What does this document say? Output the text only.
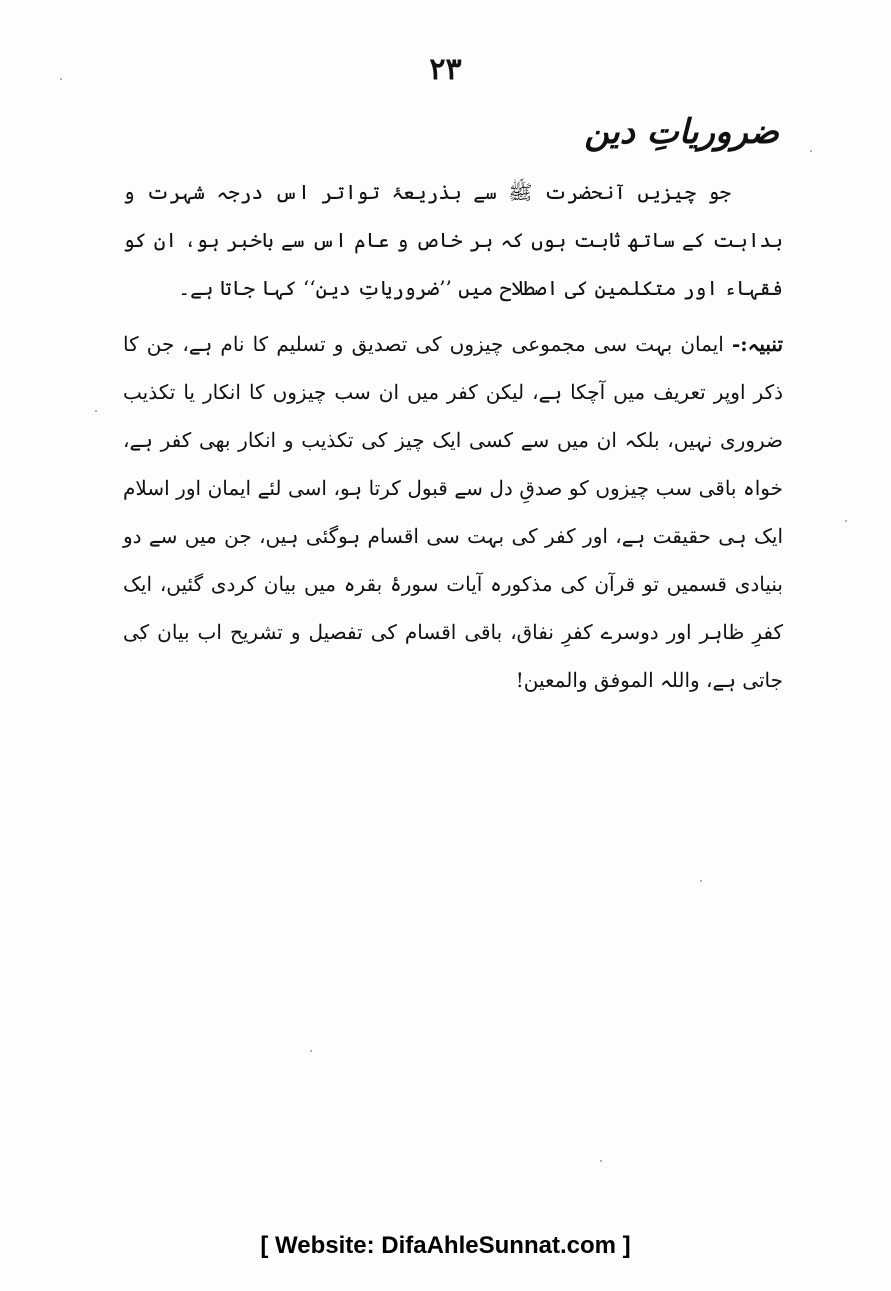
۲۳
ضروریاتِ دین

جو چیزیں آنحضرت ﷺ سے بذریعۂ تواتر اس درجہ شہرت و بداہت کے ساتھ ثابت ہوں کہ ہر خاص و عام اس سے باخبر ہو، ان کو فقہاء اور متکلمین کی اصطلاح میں ’’ضروریاتِ دین‘‘ کہا جاتا ہے۔

تنبیہ:- ایمان بہت سی مجموعی چیزوں کی تصدیق و تسلیم کا نام ہے، جن کا ذکر اوپر تعریف میں آچکا ہے، لیکن کفر میں ان سب چیزوں کا انکار یا تکذیب ضروری نہیں، بلکہ ان میں سے کسی ایک چیز کی تکذیب و انکار بھی کفر ہے، خواہ باقی سب چیزوں کو صدقِ دل سے قبول کرتا ہو، اسی لئے ایمان اور اسلام ایک ہی حقیقت ہے، اور کفر کی بہت سی اقسام ہوگئی ہیں، جن میں سے دو بنیادی قسمیں تو قرآن کی مذکورہ آیات سورۂ بقرہ میں بیان کردی گئیں، ایک کفرِ ظاہر اور دوسرے کفرِ نفاق، باقی اقسام کی تفصیل و تشریح اب بیان کی جاتی ہے، واللہ الموفق والمعین!

[ Website: DifaAhleSunnat.com ]
